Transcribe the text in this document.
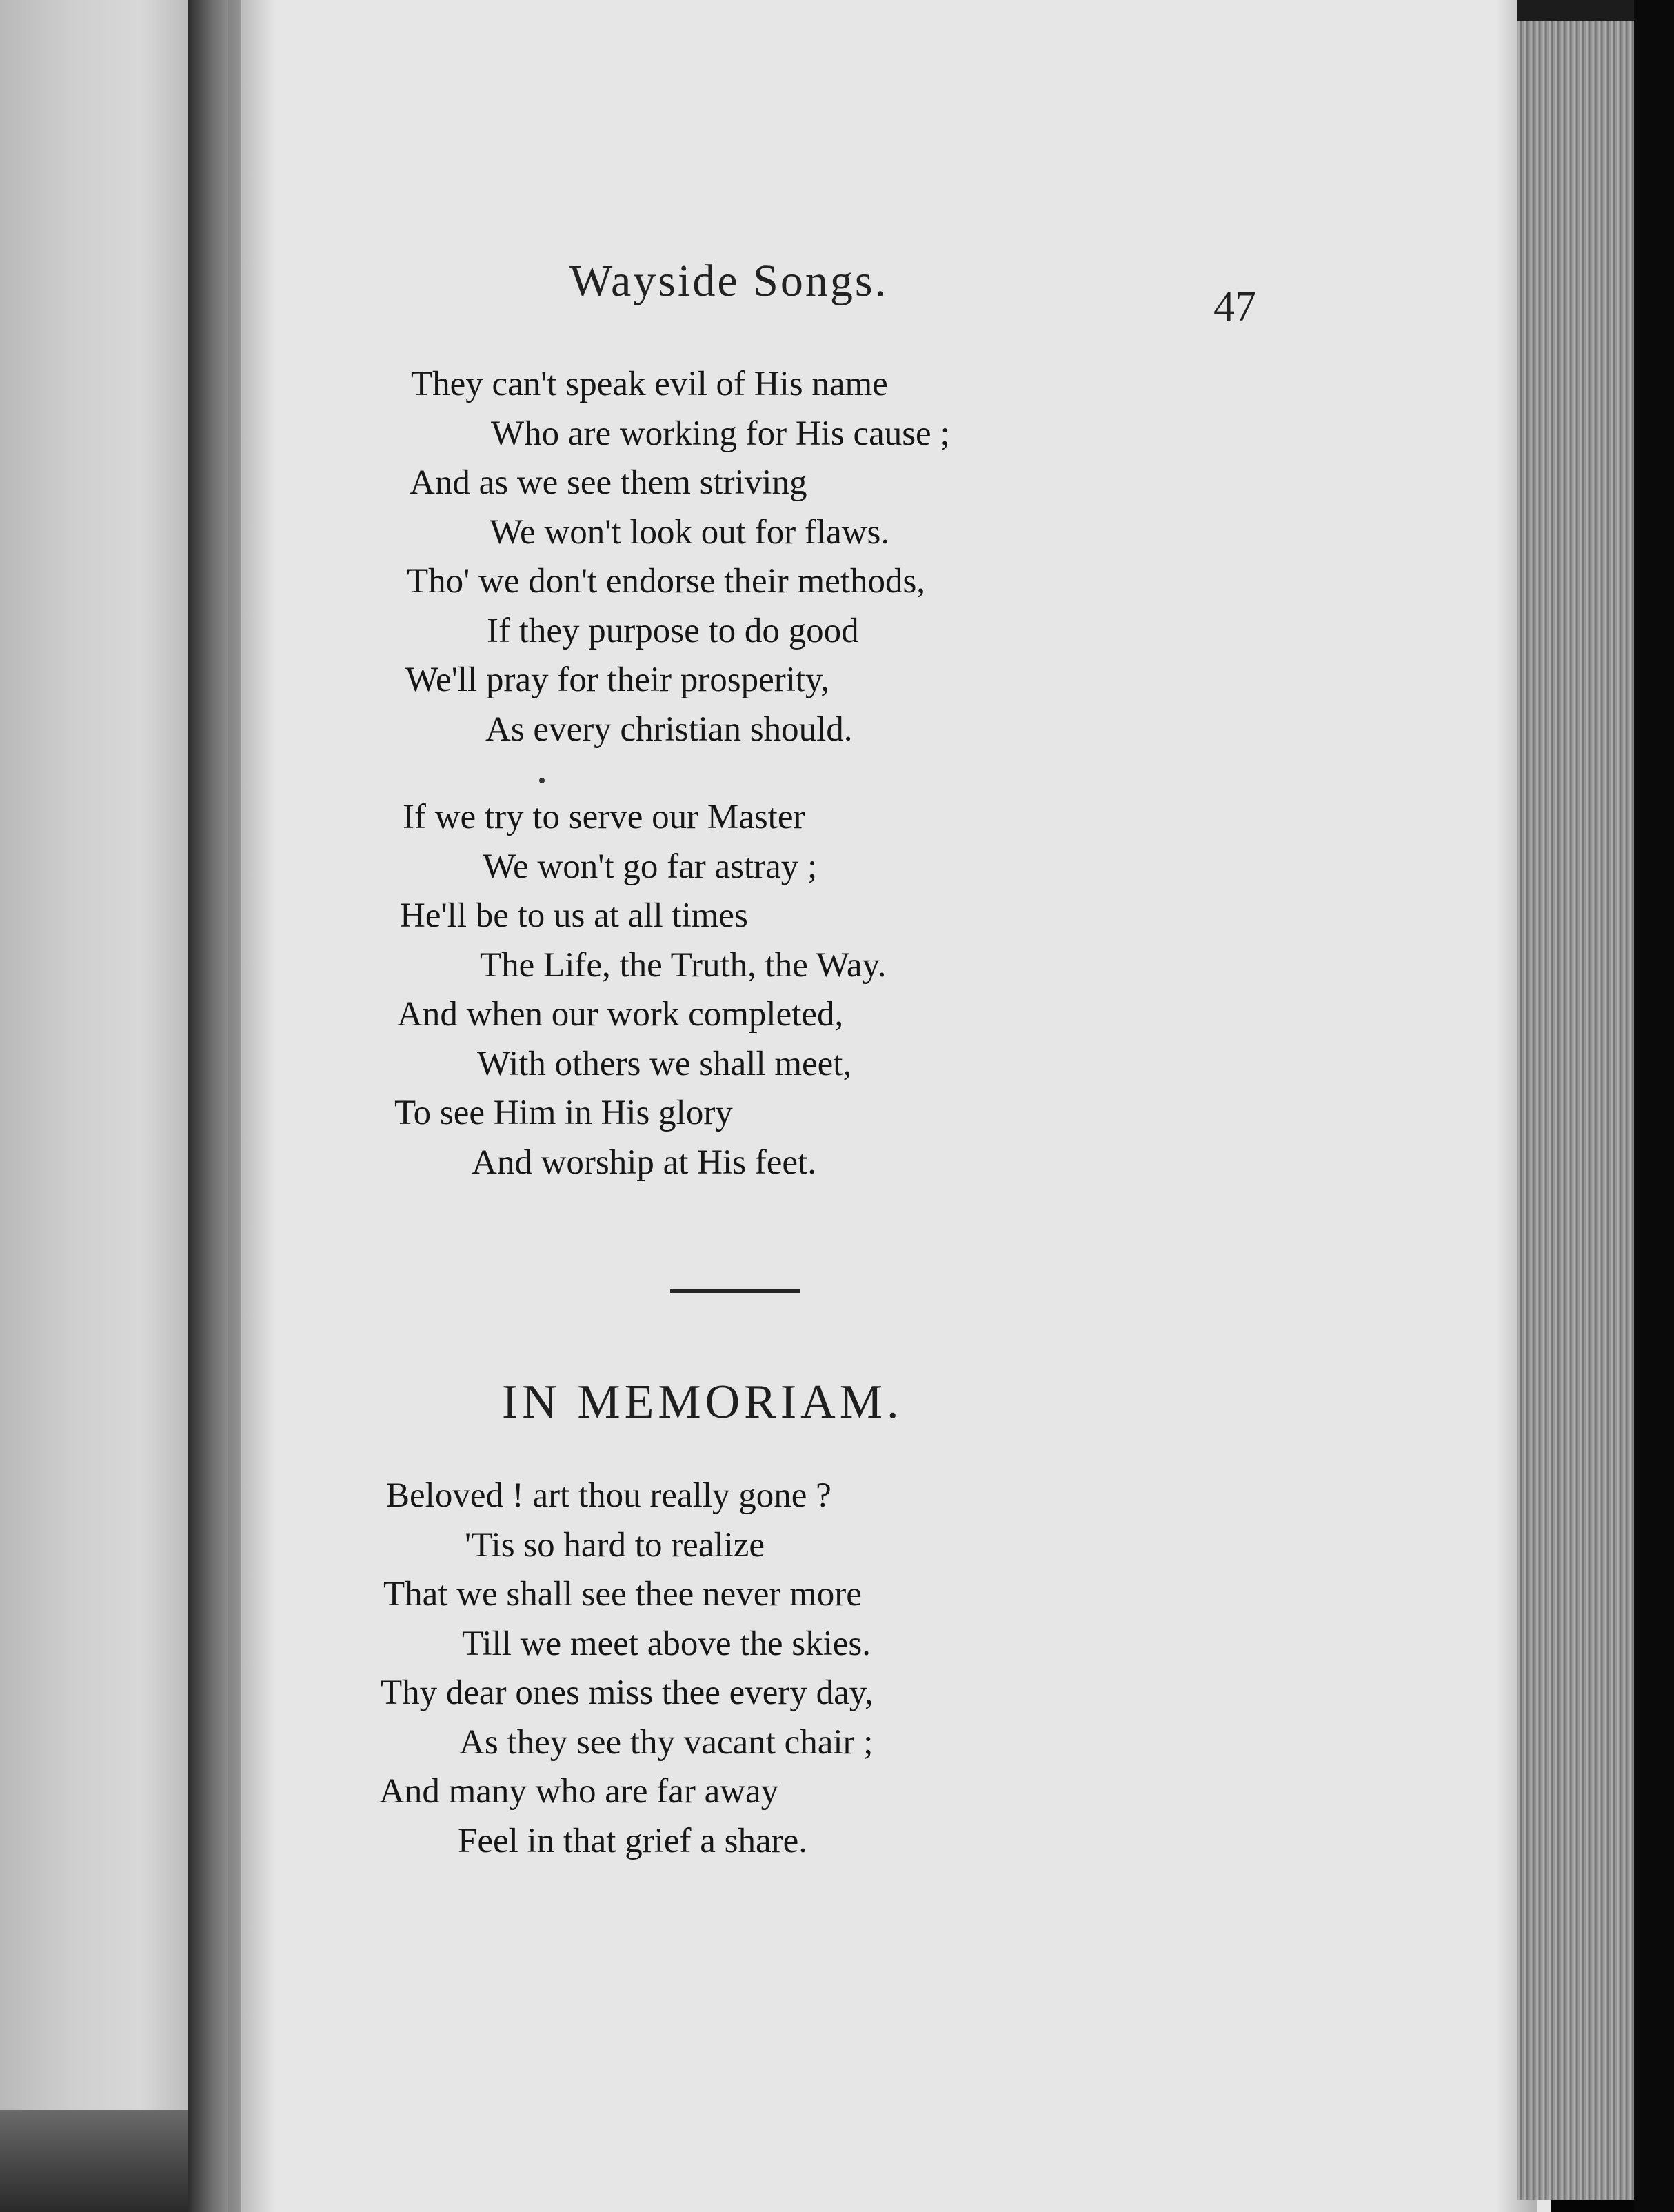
Wayside Songs.

47

They can't speak evil of His name

Who are working for His cause ;

And as we see them striving

We won't look out for flaws.

Tho' we don't endorse their methods,

If they purpose to do good

We'll pray for their prosperity,

As every christian should.

If we try to serve our Master

We won't go far astray ;

He'll be to us at all times

The Life, the Truth, the Way.

And when our work completed,

With others we shall meet,

To see Him in His glory

And worship at His feet.

IN MEMORIAM.

Beloved ! art thou really gone ?

'Tis so hard to realize

That we shall see thee never more

Till we meet above the skies.

Thy dear ones miss thee every day,

As they see thy vacant chair ;

And many who are far away

Feel in that grief a share.
